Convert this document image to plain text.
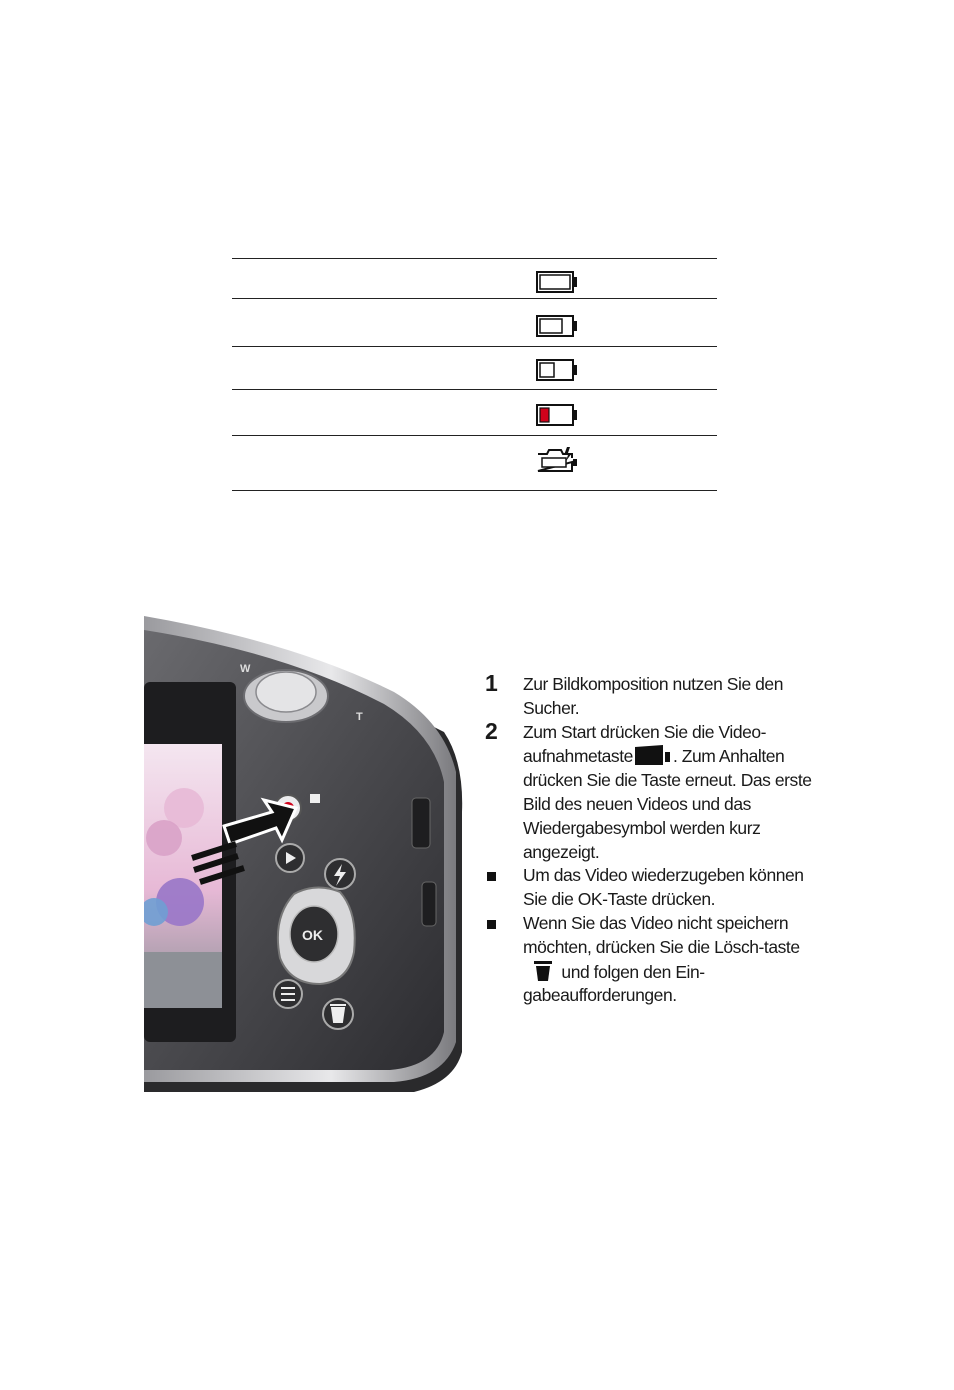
W
T
OK
1 Zur Bildkomposition nutzen Sie den Sucher.
2 Zum Start drücken Sie die Video-aufnahmetaste . Zum Anhalten drücken Sie die Taste erneut. Das erste Bild des neuen Videos und das Wiedergabesymbol werden kurz angezeigt.
Um das Video wiederzugeben können Sie die OK-Taste drücken.
Wenn Sie das Video nicht speichern möchten, drücken Sie die Lösch-taste  und folgen den Ein-gabeaufforderungen.
